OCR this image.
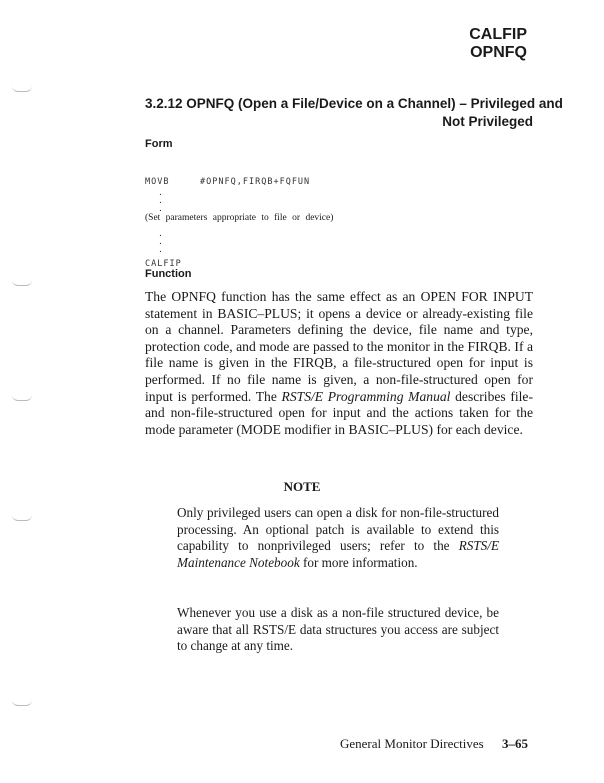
CALFIP
OPNFQ
3.2.12 OPNFQ (Open a File/Device on a Channel) – Privileged and
Not Privileged
Form
MOVB     #OPNFQ,FIRQB+FQFUN
.
.
.
(Set parameters appropriate to file or device)
.
.
.
CALFIP
Function
The OPNFQ function has the same effect as an OPEN FOR INPUT statement in BASIC–PLUS; it opens a device or already-existing file on a channel. Parameters defining the device, file name and type, protection code, and mode are passed to the monitor in the FIRQB. If a file name is given in the FIRQB, a file-structured open for input is performed. If no file name is given, a non-file-structured open for input is performed. The RSTS/E Programming Manual describes file- and non-file-structured open for input and the actions taken for the mode parameter (MODE modifier in BASIC–PLUS) for each device.
NOTE
Only privileged users can open a disk for non-file-structured processing. An optional patch is available to extend this capability to nonprivileged users; refer to the RSTS/E Maintenance Notebook for more information.
Whenever you use a disk as a non-file structured device, be aware that all RSTS/E data structures you access are subject to change at any time.
General Monitor Directives 3–65
